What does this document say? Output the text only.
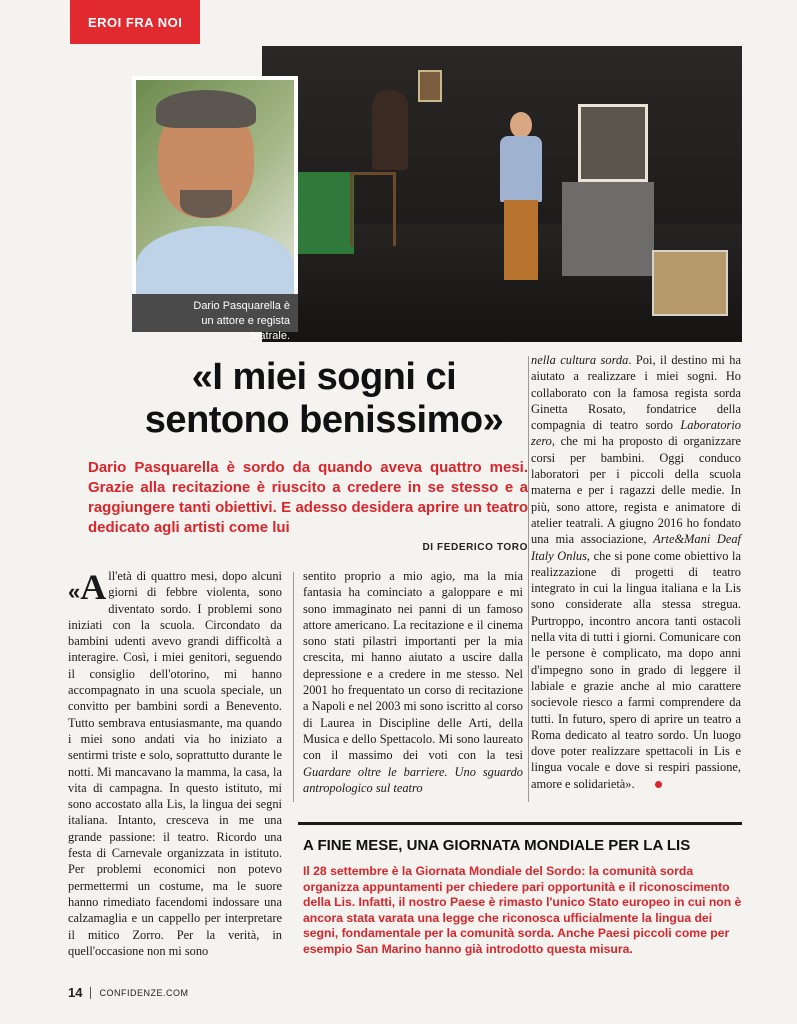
EROI FRA NOI
Dario Pasquarella è un attore e regista teatrale.
«I miei sogni ci sentono benissimo»

Dario Pasquarella è sordo da quando aveva quattro mesi. Grazie alla recitazione è riuscito a credere in se stesso e a raggiungere tanti obiettivi. E adesso desidera aprire un teatro dedicato agli artisti come lui

DI FEDERICO TORO

«A ll'età di quattro mesi, dopo alcuni giorni di febbre violenta, sono diventato sordo. I problemi sono iniziati con la scuola. Circondato da bambini udenti avevo grandi difficoltà a interagire. Così, i miei genitori, seguendo il consiglio dell'otorino, mi hanno accompagnato in una scuola speciale, un convitto per bambini sordi a Benevento. Tutto sembrava entusiasmante, ma quando i miei sono andati via ho iniziato a sentirmi triste e solo, soprattutto durante le notti. Mi mancavano la mamma, la casa, la vita di campagna. In questo istituto, mi sono accostato alla Lis, la lingua dei segni italiana. Intanto, cresceva in me una grande passione: il teatro. Ricordo una festa di Carnevale organizzata in istituto. Per problemi economici non potevo permettermi un costume, ma le suore hanno rimediato facendomi indossare una calzamaglia e un cappello per interpretare il mitico Zorro. Per la verità, in quell'occasione non mi sono

sentito proprio a mio agio, ma la mia fantasia ha cominciato a galoppare e mi sono immaginato nei panni di un famoso attore americano. La recitazione e il cinema sono stati pilastri importanti per la mia crescita, mi hanno aiutato a uscire dalla depressione e a credere in me stesso. Nel 2001 ho frequentato un corso di recitazione a Napoli e nel 2003 mi sono iscritto al corso di Laurea in Discipline delle Arti, della Musica e dello Spettacolo. Mi sono laureato con il massimo dei voti con la tesi Guardare oltre le barriere. Uno sguardo antropologico sul teatro

nella cultura sorda. Poi, il destino mi ha aiutato a realizzare i miei sogni. Ho collaborato con la famosa regista sorda Ginetta Rosato, fondatrice della compagnia di teatro sordo Laboratorio zero, che mi ha proposto di organizzare corsi per bambini. Oggi conduco laboratori per i piccoli della scuola materna e per i ragazzi delle medie. In più, sono attore, regista e animatore di atelier teatrali. A giugno 2016 ho fondato una mia associazione, Arte&Mani Deaf Italy Onlus, che si pone come obiettivo la realizzazione di progetti di teatro integrato in cui la lingua italiana e la Lis sono considerate alla stessa stregua. Purtroppo, incontro ancora tanti ostacoli nella vita di tutti i giorni. Comunicare con le persone è complicato, ma dopo anni d'impegno sono in grado di leggere il labiale e grazie anche al mio carattere socievole riesco a farmi comprendere da tutti. In futuro, spero di aprire un teatro a Roma dedicato al teatro sordo. Un luogo dove poter realizzare spettacoli in Lis e lingua vocale e dove si respiri passione, amore e solidarietà».

A FINE MESE, UNA GIORNATA MONDIALE PER LA LIS

Il 28 settembre è la Giornata Mondiale del Sordo: la comunità sorda organizza appuntamenti per chiedere pari opportunità e il riconoscimento della Lis. Infatti, il nostro Paese è rimasto l'unico Stato europeo in cui non è ancora stata varata una legge che riconosca ufficialmente la lingua dei segni, fondamentale per la comunità sorda. Anche Paesi piccoli come per esempio San Marino hanno già introdotto questa misura.

14 CONFIDENZE.COM
